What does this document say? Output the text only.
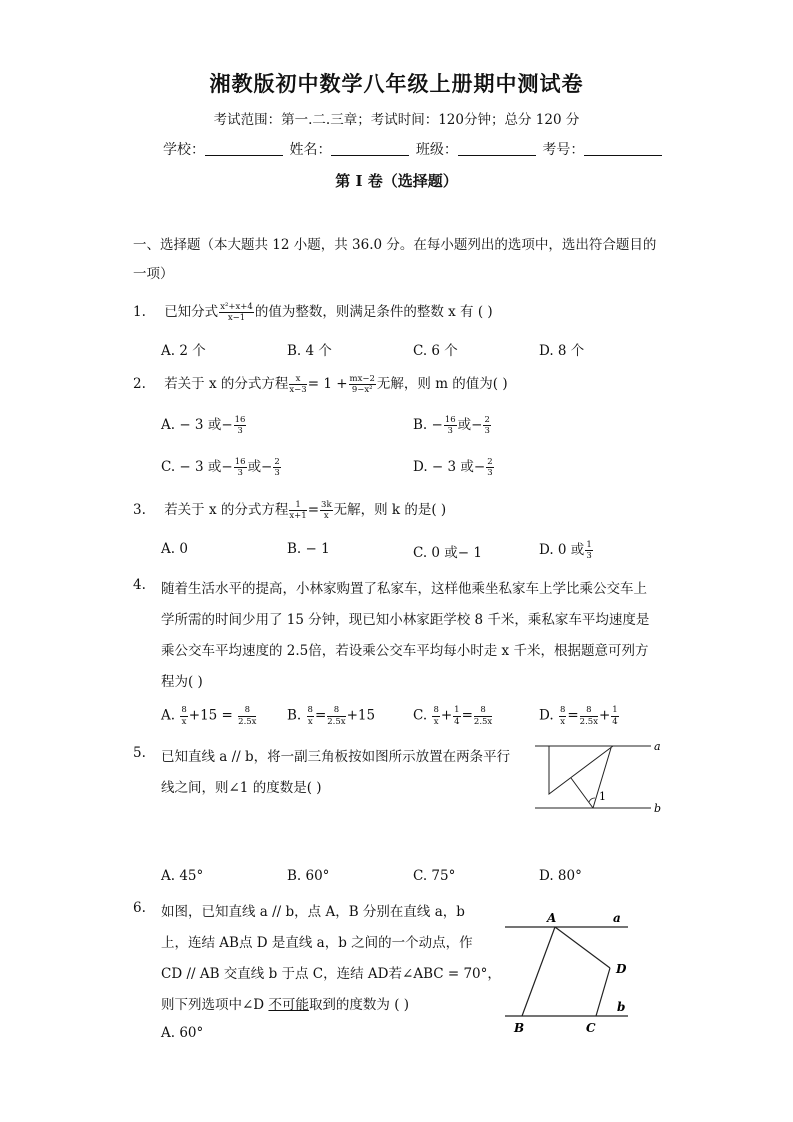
湘教版初中数学八年级上册期中测试卷
考试范围：第一.二.三章；考试时间：120分钟；总分 120 分
学校：	姓名：	班级：	考号：
第 I 卷（选择题）
一、选择题（本大题共 12 小题，共 36.0 分。在每小题列出的选项中，选出符合题目的
一项）
1. 已知分式 $\frac{\text{x²+x+4}}{x-1}$ 的值为整数，则满足条件的整数 x 有 ( )
A. 2 个	B. 4 个	C. 6 个	D. 8 个
2. 若关于 x 的分式方程 $\frac{x}{x-3} = 1 + \frac{mx-2}{\text{9−x²}}$ 无解，则 m 的值为( )
A. − 3 或− $\frac{16}{3}$	B. − $\frac{16}{3}$ 或− $\frac{2}{3}$
C. − 3 或− $\frac{16}{3}$ 或− $\frac{2}{3}$	D. − 3 或− $\frac{2}{3}$
3. 若关于 x 的分式方程 $\frac{1}{x+1} = \frac{3k}{x}$ 无解，则 k 的是( )
A. 0	B. − 1	C. 0 或− 1	D. 0 或 $\frac{1}{3}$
4. 随着生活水平的提高，小林家购置了私家车，这样他乘坐私家车上学比乘公交车上
学所需的时间少用了 15 分钟，现已知小林家距学校 8 千米，乘私家车平均速度是
乘公交车平均速度的 2.5倍，若设乘公交车平均每小时走 x 千米，根据题意可列方
程为( )
A. $\frac{8}{x} +15 = \frac{8}{2.5x} B$. $\frac{8}{x} = \frac{8}{2.5x} +15$	C. $\frac{8}{x} + \frac{1}{4} = \frac{8}{2.5x}$	D. $\frac{8}{x} = \frac{8}{2.5x} + \frac{1}{4}$
5. 已知直线 a // b，将一副三角板按如图所示放置在两条平行
线之间，则∠1 的度数是( )
a
b
1
A. 45°	B. 60°	C. 75°	D. 80°
6. 如图，已知直线 a // b，点 A，B 分别在直线 a，b
上，连结 AB点 D 是直线 a，b 之间的一个动点，作
CD // AB 交直线 b 于点 C，连结 AD若∠ABC = 70°，
则下列选项中∠D 不可能取到的度数为 ( )
A. 60°
A
B	C
D
a
b
